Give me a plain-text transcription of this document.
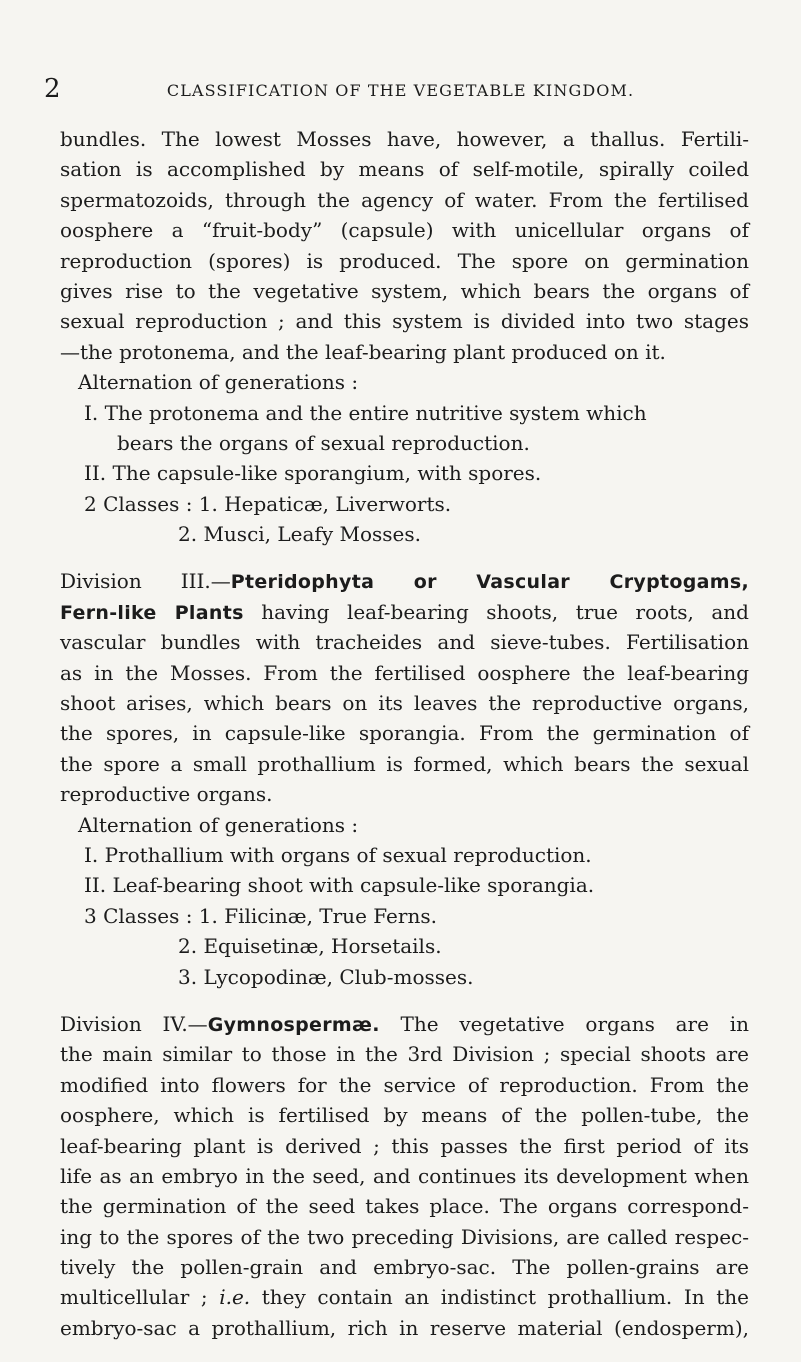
2	CLASSIFICATION OF THE VEGETABLE KINGDOM.
bundles. The lowest Mosses have, however, a thallus. Fertili-
sation is accomplished by means of self-motile, spirally coiled
spermatozoids, through the agency of water. From the fertilised
oosphere a “fruit-body” (capsule) with unicellular organs of
reproduction (spores) is produced. The spore on germination
gives rise to the vegetative system, which bears the organs of
sexual reproduction ; and this system is divided into two stages
—the protonema, and the leaf-bearing plant produced on it.
Alternation of generations :
I. The protonema and the entire nutritive system which
bears the organs of sexual reproduction.
II. The capsule-like sporangium, with spores.
2 Classes : 1. Hepaticæ, Liverworts.
2. Musci, Leafy Mosses.
Division III.—Pteridophyta or Vascular Cryptogams,
Fern-like Plants having leaf-bearing shoots, true roots, and
vascular bundles with tracheides and sieve-tubes. Fertilisation
as in the Mosses. From the fertilised oosphere the leaf-bearing
shoot arises, which bears on its leaves the reproductive organs,
the spores, in capsule-like sporangia. From the germination of
the spore a small prothallium is formed, which bears the sexual
reproductive organs.
Alternation of generations :
I. Prothallium with organs of sexual reproduction.
II. Leaf-bearing shoot with capsule-like sporangia.
3 Classes : 1. Filicinæ, True Ferns.
2. Equisetinæ, Horsetails.
3. Lycopodinæ, Club-mosses.
Division IV.—Gymnospermæ. The vegetative organs are in
the main similar to those in the 3rd Division ; special shoots are
modified into flowers for the service of reproduction. From the
oosphere, which is fertilised by means of the pollen-tube, the
leaf-bearing plant is derived ; this passes the first period of its
life as an embryo in the seed, and continues its development when
the germination of the seed takes place. The organs correspond-
ing to the spores of the two preceding Divisions, are called respec-
tively the pollen-grain and embryo-sac. The pollen-grains are
multicellular ; i.e. they contain an indistinct prothallium. In the
embryo-sac a prothallium, rich in reserve material (endosperm),
